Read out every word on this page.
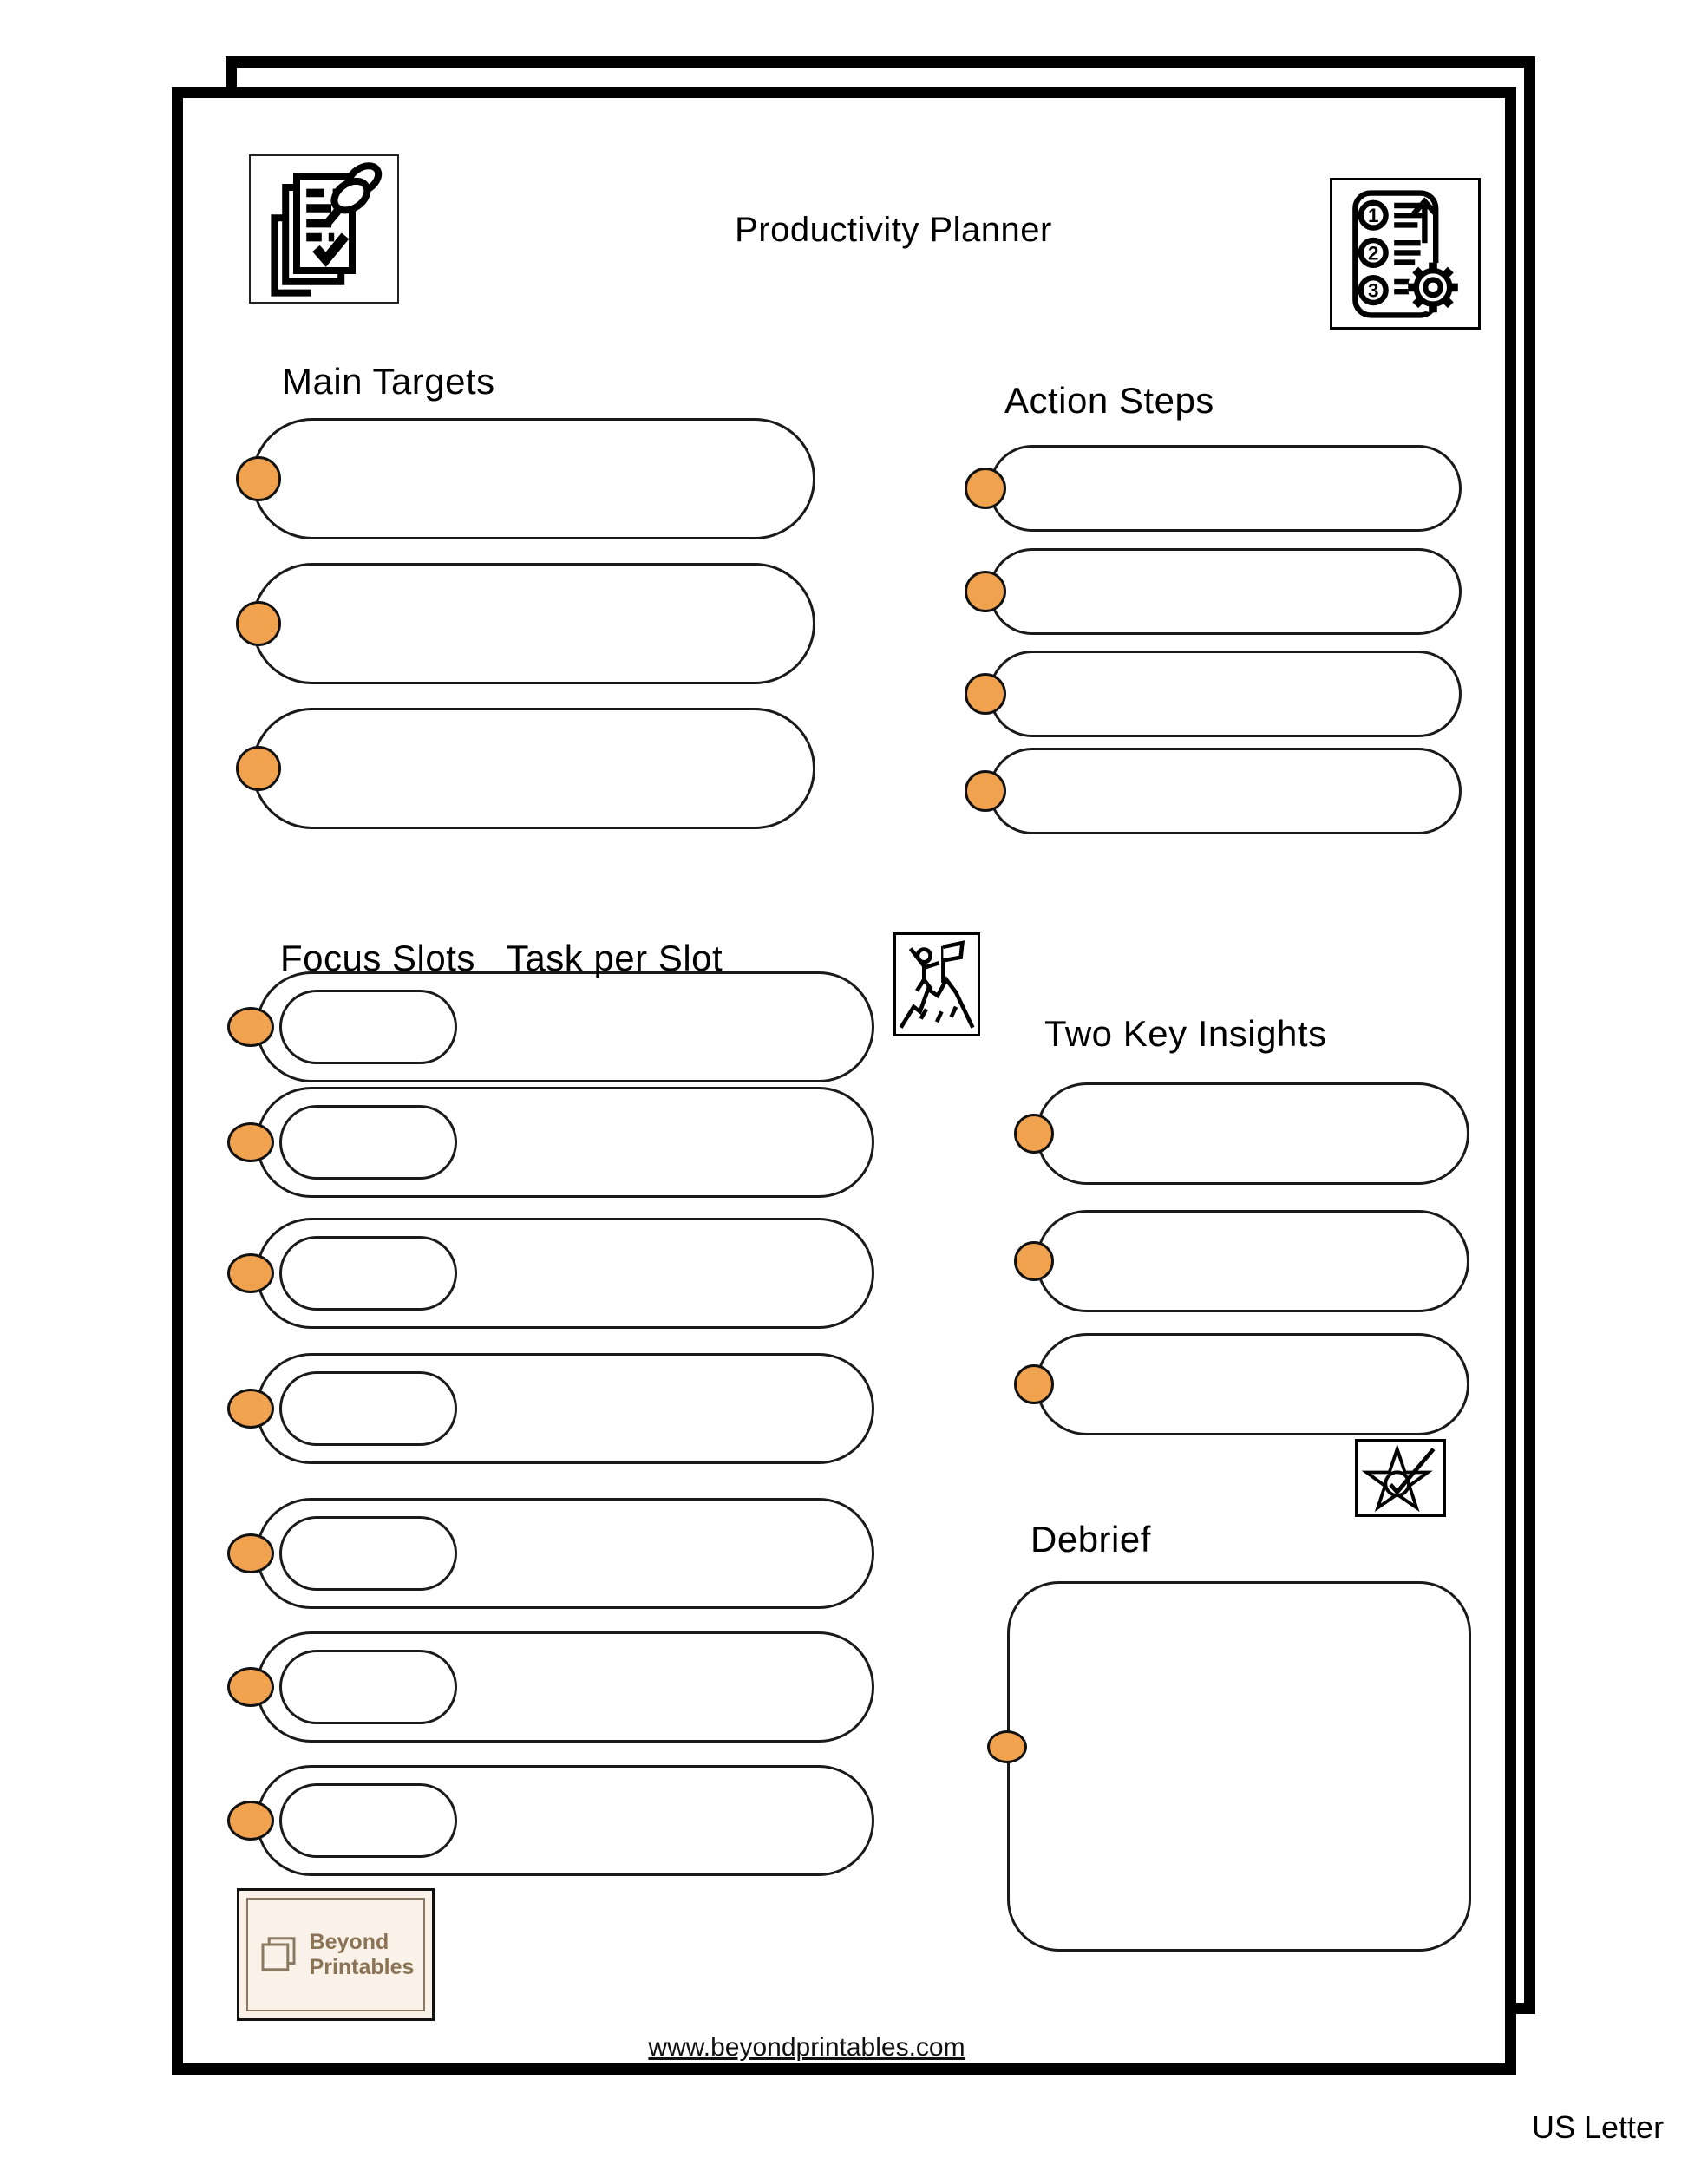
Productivity Planner	1
2
3
Main Targets	Action Steps
Focus Slots Task per Slot
Two Key Insights
Debrief
Beyond
Printables
www.beyondprintables.com
US Letter
